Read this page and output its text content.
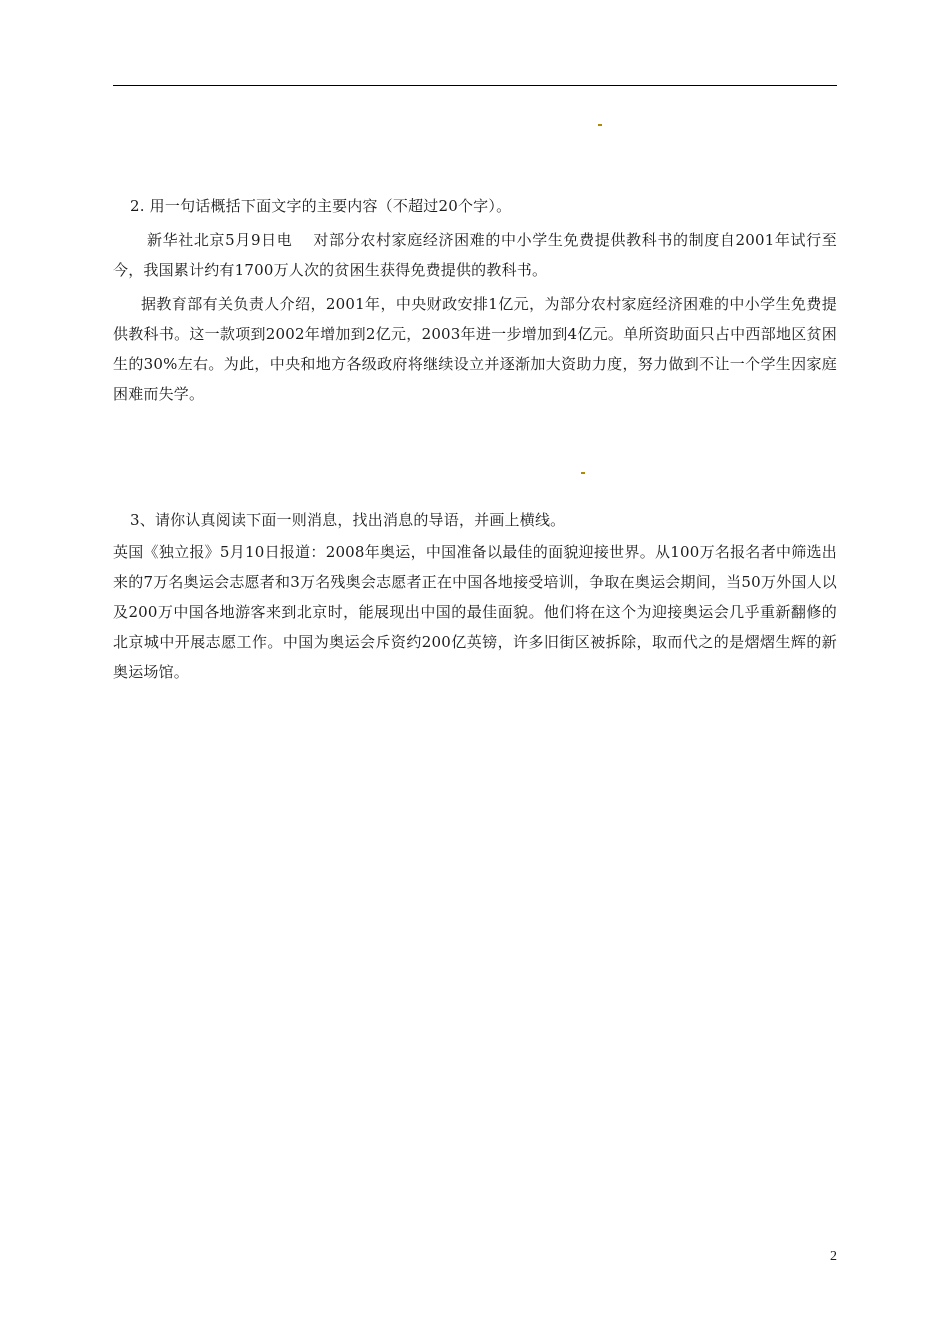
2. 用一句话概括下面文字的主要内容（不超过20个字）。

新华社北京5月9日电　 对部分农村家庭经济困难的中小学生免费提供教科书的制度自2001年试行至今，我国累计约有1700万人次的贫困生获得免费提供的教科书。

据教育部有关负责人介绍，2001年，中央财政安排1亿元，为部分农村家庭经济困难的中小学生免费提供教科书。这一款项到2002年增加到2亿元，2003年进一步增加到4亿元。单所资助面只占中西部地区贫困生的30%左右。为此，中央和地方各级政府将继续设立并逐渐加大资助力度，努力做到不让一个学生因家庭困难而失学。

3、请你认真阅读下面一则消息，找出消息的导语，并画上横线。

英国《独立报》5月10日报道：2008年奥运，中国准备以最佳的面貌迎接世界。从100万名报名者中筛选出来的7万名奥运会志愿者和3万名残奥会志愿者正在中国各地接受培训，争取在奥运会期间，当50万外国人以及200万中国各地游客来到北京时，能展现出中国的最佳面貌。他们将在这个为迎接奥运会几乎重新翻修的北京城中开展志愿工作。中国为奥运会斥资约200亿英镑，许多旧街区被拆除，取而代之的是熠熠生辉的新奥运场馆。

2
